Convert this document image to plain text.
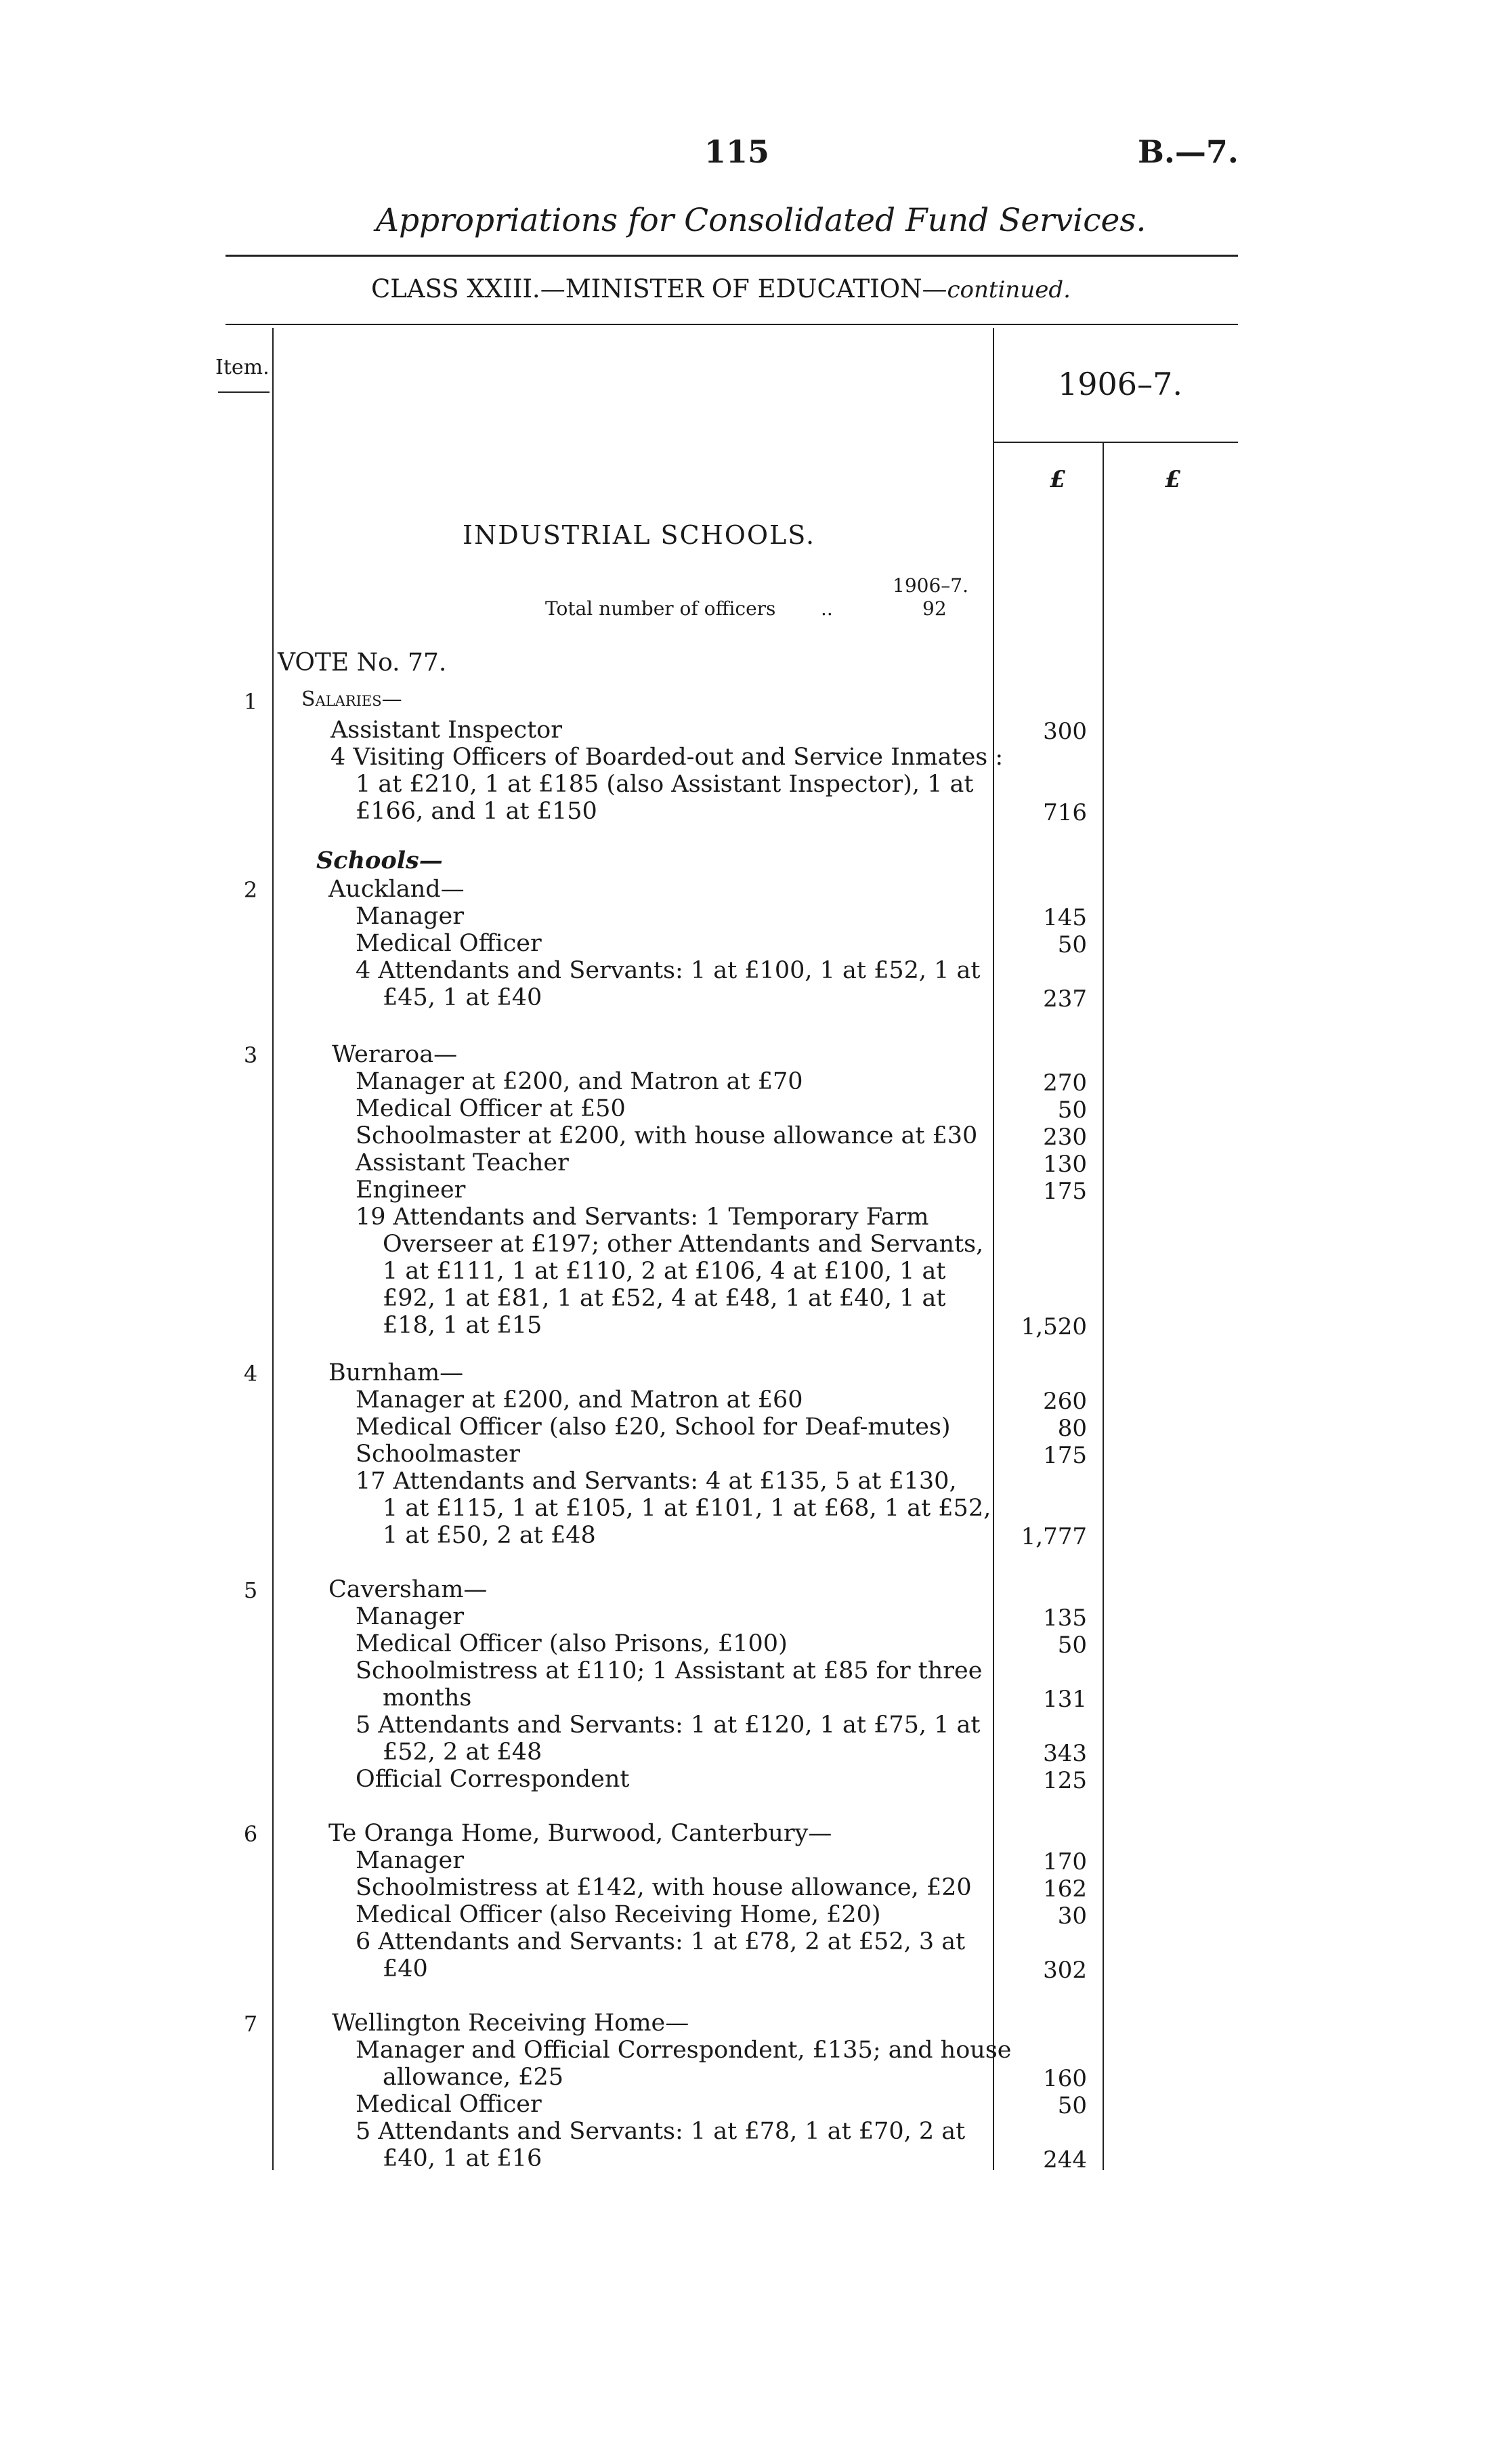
115	B.—7.
Appropriations for Consolidated Fund Services.
CLASS XXIII.—MINISTER OF EDUCATION—continued.
Item.	1906–7.
£	£
INDUSTRIAL SCHOOLS.
1906–7.
Total number of officers ..	92
VOTE No. 77.
Salaries—
1
Assistant Inspector	300
4 Visiting Officers of Boarded-out and Service Inmates :
1 at £210, 1 at £185 (also Assistant Inspector), 1 at
£166, and 1 at £150	716
Schools—
Auckland—
2
Manager	145
Medical Officer	50
4 Attendants and Servants: 1 at £100, 1 at £52, 1 at
£45, 1 at £40	237
Weraroa—
3
Manager at £200, and Matron at £70	270
Medical Officer at £50	50
Schoolmaster at £200, with house allowance at £30	230
Assistant Teacher	130
Engineer	175
19 Attendants and Servants: 1 Temporary Farm
Overseer at £197; other Attendants and Servants,
1 at £111, 1 at £110, 2 at £106, 4 at £100, 1 at
£92, 1 at £81, 1 at £52, 4 at £48, 1 at £40, 1 at
£18, 1 at £15	1,520
Burnham—
4
Manager at £200, and Matron at £60	260
Medical Officer (also £20, School for Deaf-mutes)	80
Schoolmaster	175
17 Attendants and Servants: 4 at £135, 5 at £130,
1 at £115, 1 at £105, 1 at £101, 1 at £68, 1 at £52,
1 at £50, 2 at £48	1,777
Caversham—
5
Manager	135
Medical Officer (also Prisons, £100)	50
Schoolmistress at £110; 1 Assistant at £85 for three
months	131
5 Attendants and Servants: 1 at £120, 1 at £75, 1 at
£52, 2 at £48	343
Official Correspondent	125
Te Oranga Home, Burwood, Canterbury—
6
Manager	170
Schoolmistress at £142, with house allowance, £20	162
Medical Officer (also Receiving Home, £20)	30
6 Attendants and Servants: 1 at £78, 2 at £52, 3 at
£40	302
Wellington Receiving Home—
7
Manager and Official Correspondent, £135; and house
allowance, £25	160
Medical Officer	50
5 Attendants and Servants: 1 at £78, 1 at £70, 2 at
£40, 1 at £16	244
